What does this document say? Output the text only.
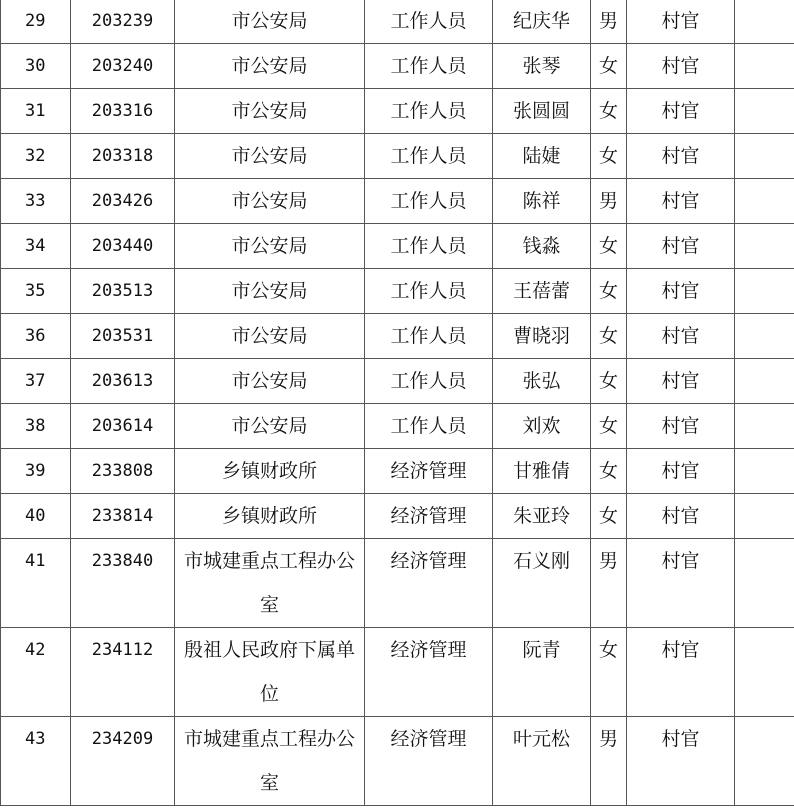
29	203239	市公安局	工作人员	纪庆华	男	村官	
30	203240	市公安局	工作人员	张琴	女	村官	
31	203316	市公安局	工作人员	张圆圆	女	村官	
32	203318	市公安局	工作人员	陆婕	女	村官	
33	203426	市公安局	工作人员	陈祥	男	村官	
34	203440	市公安局	工作人员	钱淼	女	村官	
35	203513	市公安局	工作人员	王蓓蕾	女	村官	
36	203531	市公安局	工作人员	曹晓羽	女	村官	
37	203613	市公安局	工作人员	张弘	女	村官	
38	203614	市公安局	工作人员	刘欢	女	村官	
39	233808	乡镇财政所	经济管理	甘雅倩	女	村官	
40	233814	乡镇财政所	经济管理	朱亚玲	女	村官	
41	233840	市城建重点工程办公室	经济管理	石义刚	男	村官	
42	234112	殷祖人民政府下属单位	经济管理	阮青	女	村官	
43	234209	市城建重点工程办公室	经济管理	叶元松	男	村官	
